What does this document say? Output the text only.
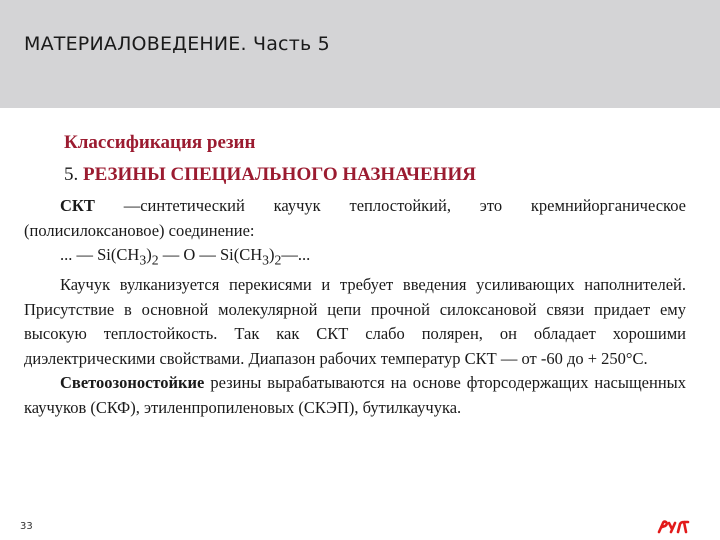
МАТЕРИАЛОВЕДЕНИЕ. Часть 5
Классификация резин
5. РЕЗИНЫ СПЕЦИАЛЬНОГО НАЗНАЧЕНИЯ
СКТ —синтетический каучук теплостойкий, это кремнийорганическое (полисилоксановое) соединение:
... — $Si(CH_3)_2$ — O — $Si(CH_3)_2—$...
Каучук вулканизуется перекисями и требует введения усиливающих наполнителей. Присутствие в основной молекулярной цепи прочной силоксановой связи придает ему высокую теплостойкость. Так как СКТ слабо полярен, он обладает хорошими диэлектрическими свойствами. Диапазон рабочих температур СКТ — от -60 до + 250°С.
Светоозоностойкие резины вырабатываются на основе фторсодержащих насыщенных каучуков (СКФ), этиленпропиленовых (СКЭП), бутилкаучука.
33
